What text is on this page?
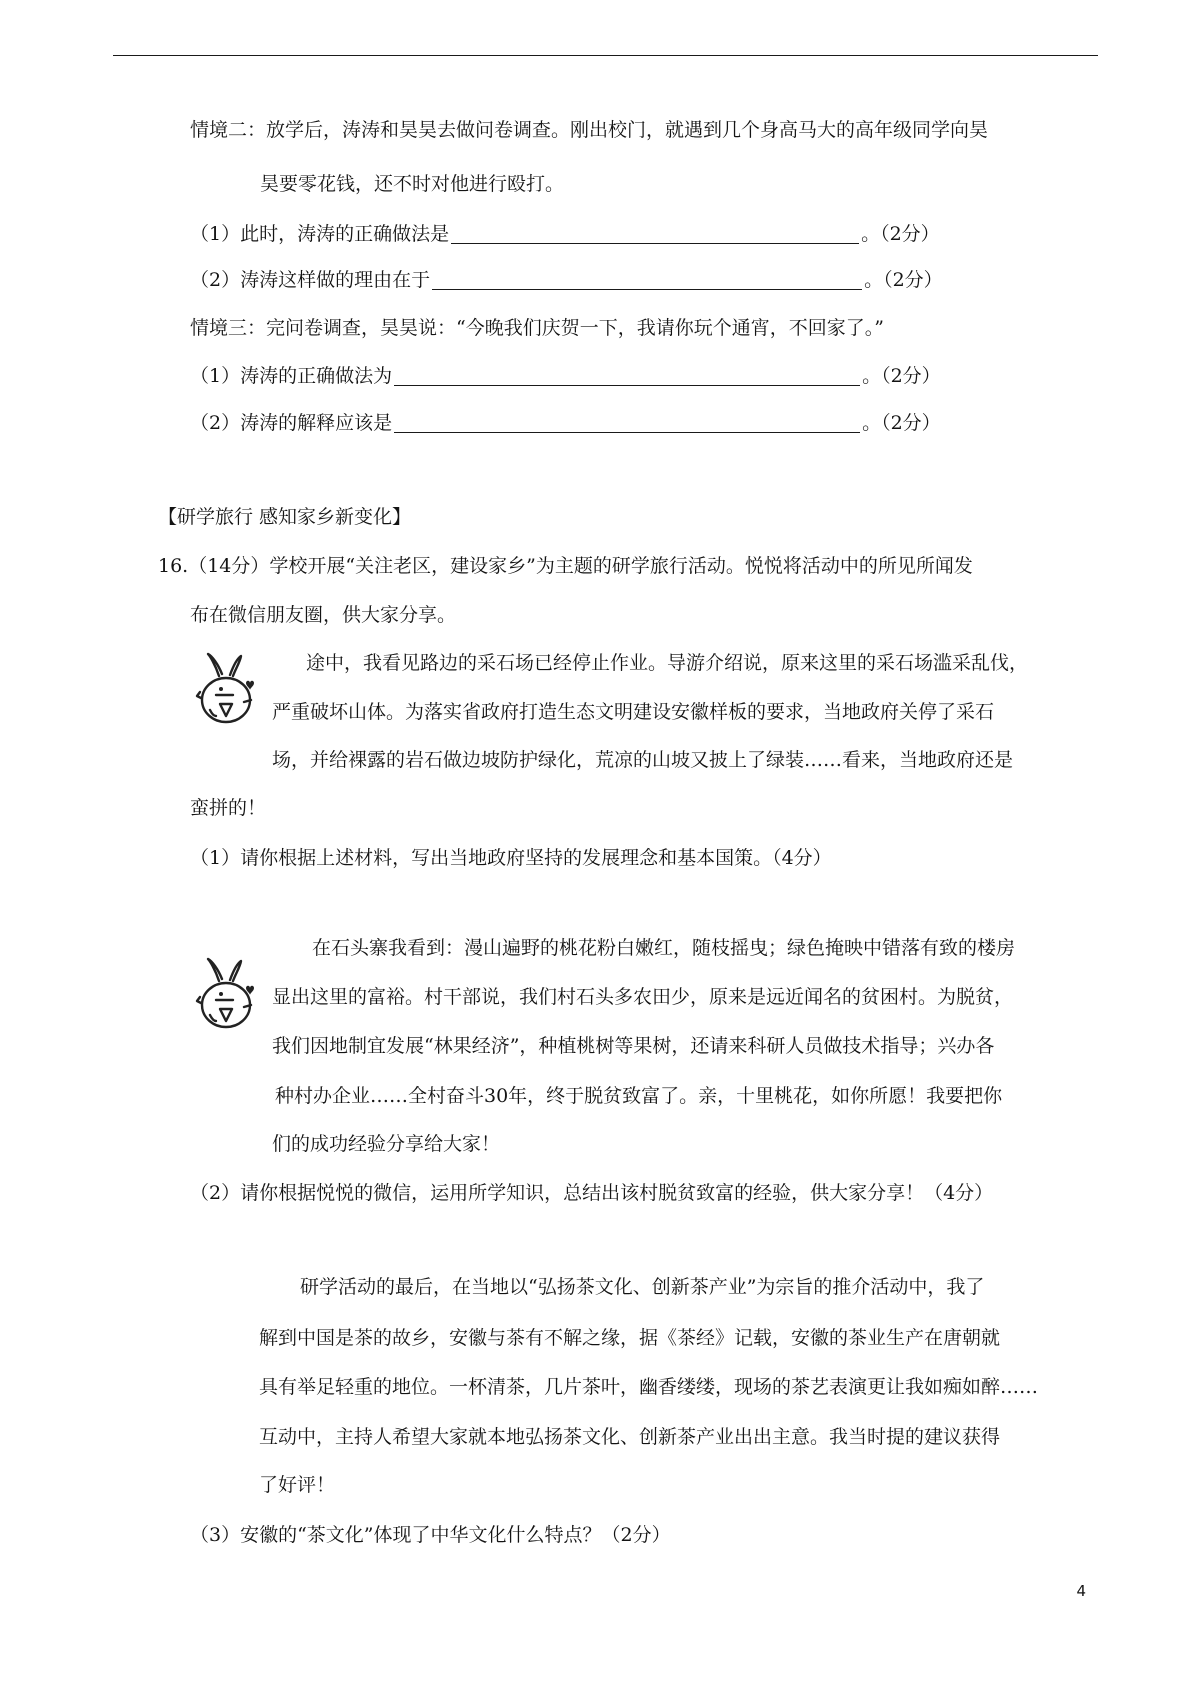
情境二：放学后，涛涛和昊昊去做问卷调查。刚出校门，就遇到几个身高马大的高年级同学向昊
昊要零花钱，还不时对他进行殴打。
（1）此时，涛涛的正确做法是	。（2分）
（2）涛涛这样做的理由在于	。（2分）
情境三：完问卷调查，昊昊说：“今晚我们庆贺一下，我请你玩个通宵，不回家了。”
（1）涛涛的正确做法为	。（2分）
（2）涛涛的解释应该是	。（2分）
【研学旅行 感知家乡新变化】
16.（14分）学校开展“关注老区，建设家乡”为主题的研学旅行活动。悦悦将活动中的所见所闻发
布在微信朋友圈，供大家分享。
途中，我看见路边的采石场已经停止作业。导游介绍说，原来这里的采石场滥采乱伐，
严重破坏山体。为落实省政府打造生态文明建设安徽样板的要求，当地政府关停了采石
场，并给裸露的岩石做边坡防护绿化，荒凉的山坡又披上了绿装……看来，当地政府还是
蛮拼的！
（1）请你根据上述材料，写出当地政府坚持的发展理念和基本国策。（4分）
在石头寨我看到：漫山遍野的桃花粉白嫩红，随枝摇曳；绿色掩映中错落有致的楼房
显出这里的富裕。村干部说，我们村石头多农田少，原来是远近闻名的贫困村。为脱贫，
我们因地制宜发展“林果经济”，种植桃树等果树，还请来科研人员做技术指导；兴办各
种村办企业……全村奋斗30年，终于脱贫致富了。亲，十里桃花，如你所愿！我要把你
们的成功经验分享给大家！
（2）请你根据悦悦的微信，运用所学知识，总结出该村脱贫致富的经验，供大家分享！（4分）
研学活动的最后，在当地以“弘扬茶文化、创新茶产业”为宗旨的推介活动中，我了
解到中国是茶的故乡，安徽与茶有不解之缘，据《茶经》记载，安徽的茶业生产在唐朝就
具有举足轻重的地位。一杯清茶，几片茶叶，幽香缕缕，现场的茶艺表演更让我如痴如醉……
互动中，主持人希望大家就本地弘扬茶文化、创新茶产业出出主意。我当时提的建议获得
了好评！
（3）安徽的“茶文化”体现了中华文化什么特点？（2分）
4
